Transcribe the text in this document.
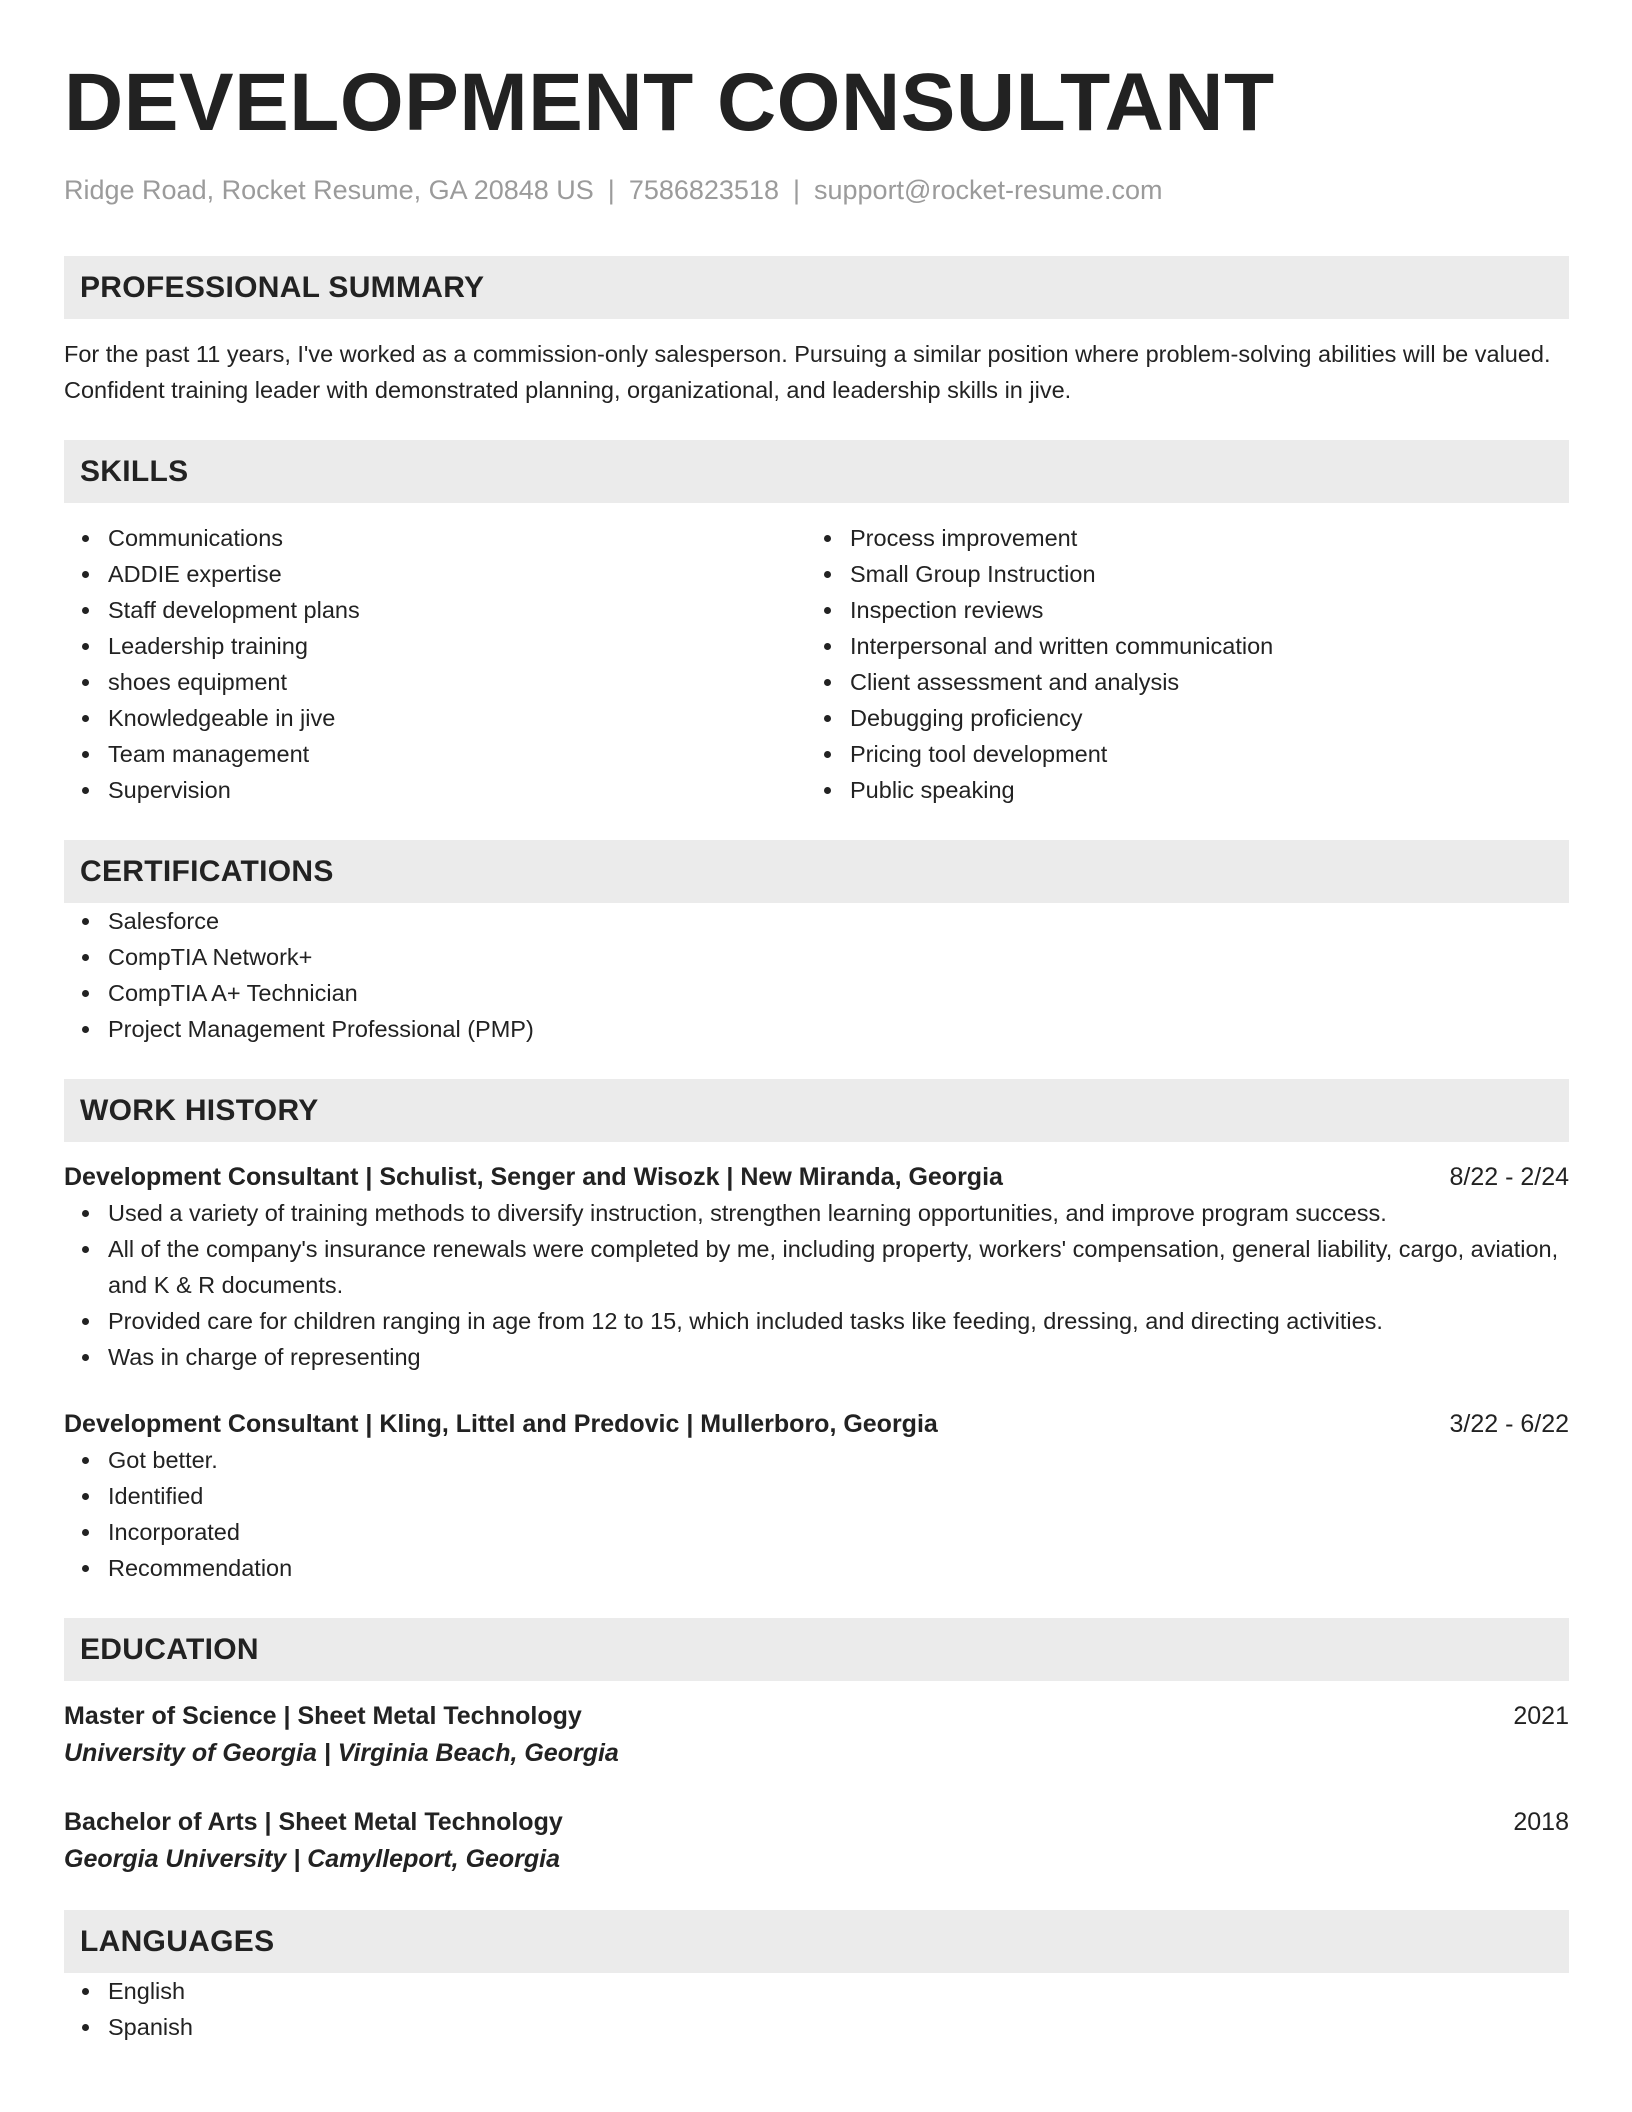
DEVELOPMENT CONSULTANT
Ridge Road, Rocket Resume, GA 20848 US | 7586823518 | support@rocket-resume.com
PROFESSIONAL SUMMARY

For the past 11 years, I've worked as a commission-only salesperson. Pursuing a similar position where problem-solving abilities will be valued. Confident training leader with demonstrated planning, organizational, and leadership skills in jive.

SKILLS
Communications
ADDIE expertise
Staff development plans
Leadership training
shoes equipment
Knowledgeable in jive
Team management
Supervision
Process improvement
Small Group Instruction
Inspection reviews
Interpersonal and written communication
Client assessment and analysis
Debugging proficiency
Pricing tool development
Public speaking
CERTIFICATIONS
Salesforce
CompTIA Network+
CompTIA A+ Technician
Project Management Professional (PMP)
WORK HISTORY
Development Consultant | Schulist, Senger and Wisozk | New Miranda, Georgia	8/22 - 2/24
Used a variety of training methods to diversify instruction, strengthen learning opportunities, and improve program success.
All of the company's insurance renewals were completed by me, including property, workers' compensation, general liability, cargo, aviation, and K & R documents.
Provided care for children ranging in age from 12 to 15, which included tasks like feeding, dressing, and directing activities.
Was in charge of representing
Development Consultant | Kling, Littel and Predovic | Mullerboro, Georgia	3/22 - 6/22
Got better.
Identified
Incorporated
Recommendation
EDUCATION
Master of Science | Sheet Metal Technology	2021
University of Georgia | Virginia Beach, Georgia
Bachelor of Arts | Sheet Metal Technology	2018
Georgia University | Camylleport, Georgia
LANGUAGES
English
Spanish
